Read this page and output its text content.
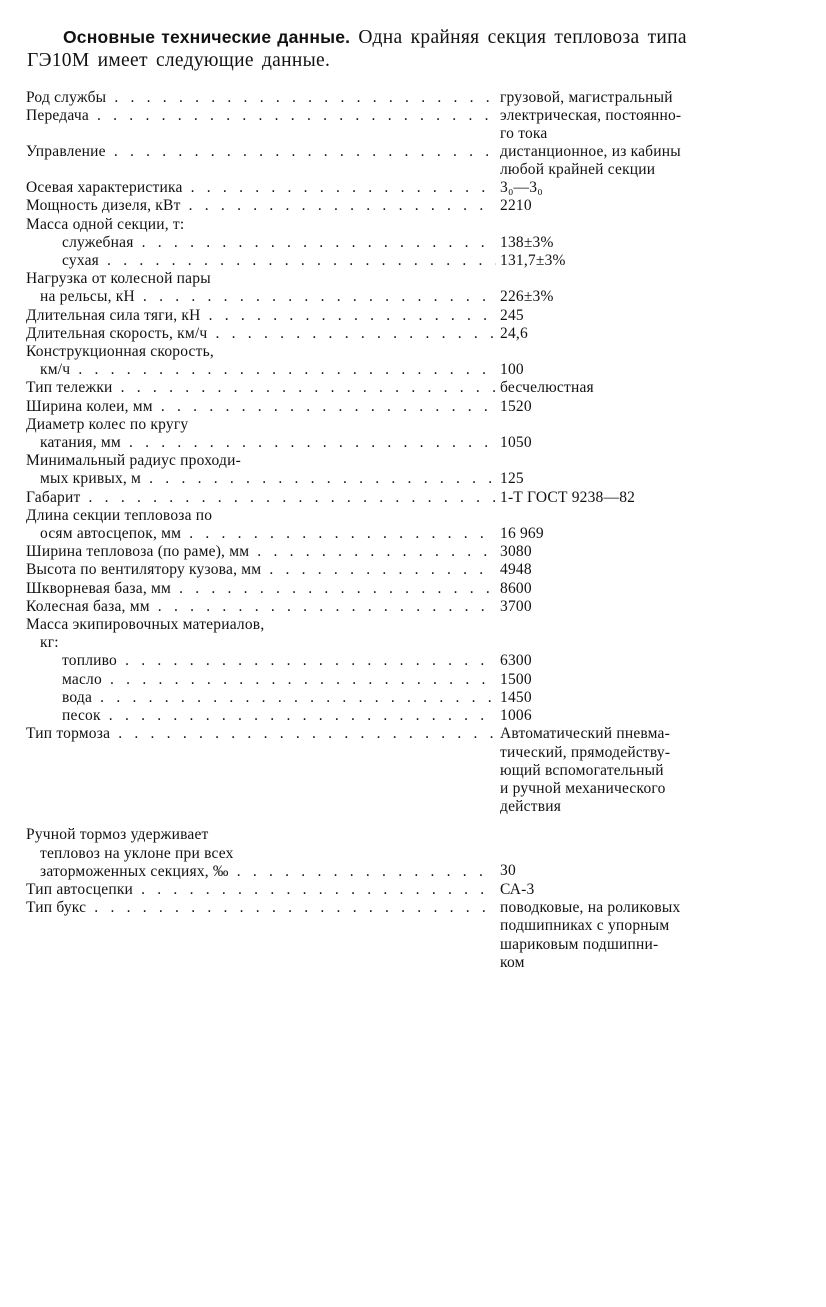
Основные технические данные. Одна крайняя секция тепловоза типа
ГЭ10М имеет следующие данные.
Род службы . . .	грузовой, магистральный
Передача . . .	электрическая, постоянно-
го тока
Управление . . .	дистанционное, из кабины
любой крайней секции
Осевая характеристика . . .	3₀—3₀
Мощность дизеля, кВт . . .	2210
Масса одной секции, т:
служебная . . .	138±3%
сухая . . .	131,7±3%
Нагрузка от колесной пары
на рельсы, кН . . .	226±3%
Длительная сила тяги, кН . . .	245
Длительная скорость, км/ч . . .	24,6
Конструкционная скорость,
км/ч . . .	100
Тип тележки . . .	бесчелюстная
Ширина колеи, мм . . .	1520
Диаметр колес по кругу
катания, мм . . .	1050
Минимальный радиус проходи-
мых кривых, м . . .	125
Габарит . . .	1-Т ГОСТ 9238—82
Длина секции тепловоза по
осям автосцепок, мм . . .	16 969
Ширина тепловоза (по раме), мм . . .	3080
Высота по вентилятору кузова, мм . . .	4948
Шкворневая база, мм . . .	8600
Колесная база, мм . . .	3700
Масса экипировочных материалов,
кг:
топливо . . .	6300
масло . . .	1500
вода . . .	1450
песок . . .	1006
Тип тормоза . . .	Автоматический пневма-
тический, прямодейству-
ющий вспомогательный
и ручной механического
действия
Ручной тормоз удерживает
тепловоз на уклоне при всех
заторможенных секциях, ‰ . . .	30
Тип автосцепки . . .	СА-3
Тип букс . . .	поводковые, на роликовых
подшипниках с упорным
шариковым подшипни-
ком
